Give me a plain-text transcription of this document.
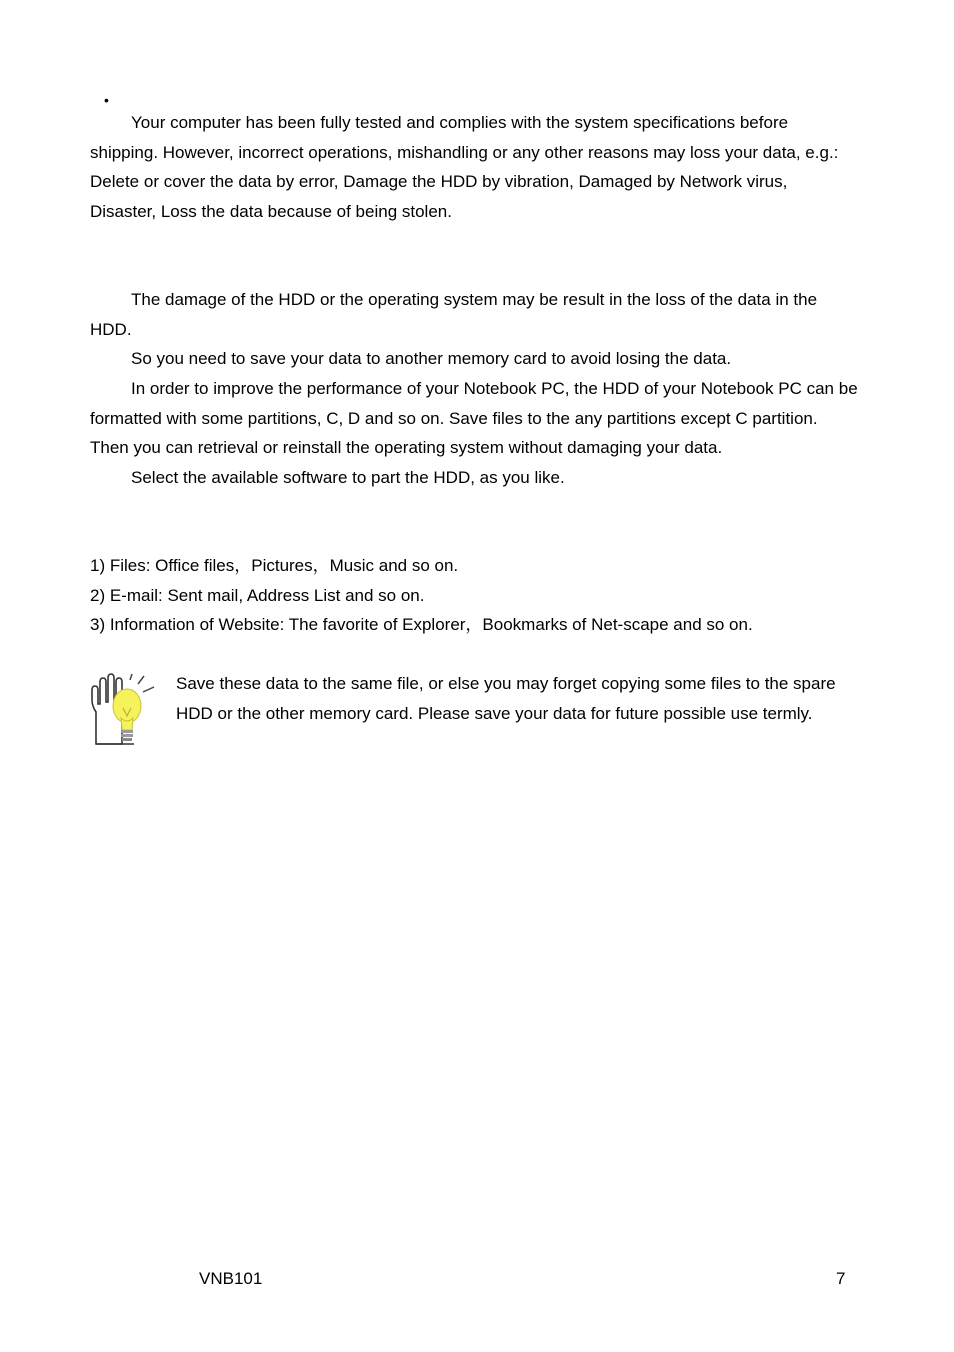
•

Your computer has been fully tested and complies with the system specifications before shipping. However, incorrect operations, mishandling or any other reasons may loss your data, e.g.: Delete or cover the data by error, Damage the HDD by vibration, Damaged by Network virus, Disaster, Loss the data because of being stolen.

The damage of the HDD or the operating system may be result in the loss of the data in the HDD.

So you need to save your data to another memory card to avoid losing the data.

In order to improve the performance of your Notebook PC, the HDD of your Notebook PC can be formatted with some partitions, C, D and so on. Save files to the any partitions except C partition. Then you can retrieval or reinstall the operating system without damaging your data.

Select the available software to part the HDD, as you like.

1) Files: Office files，Pictures，Music and so on.

2) E-mail: Sent mail, Address List and so on.

3) Information of Website: The favorite of Explorer，Bookmarks of Net-scape and so on.

Save these data to the same file, or else you may forget copying some files to the spare HDD or the other memory card. Please save your data for future possible use termly.

VNB101	7
